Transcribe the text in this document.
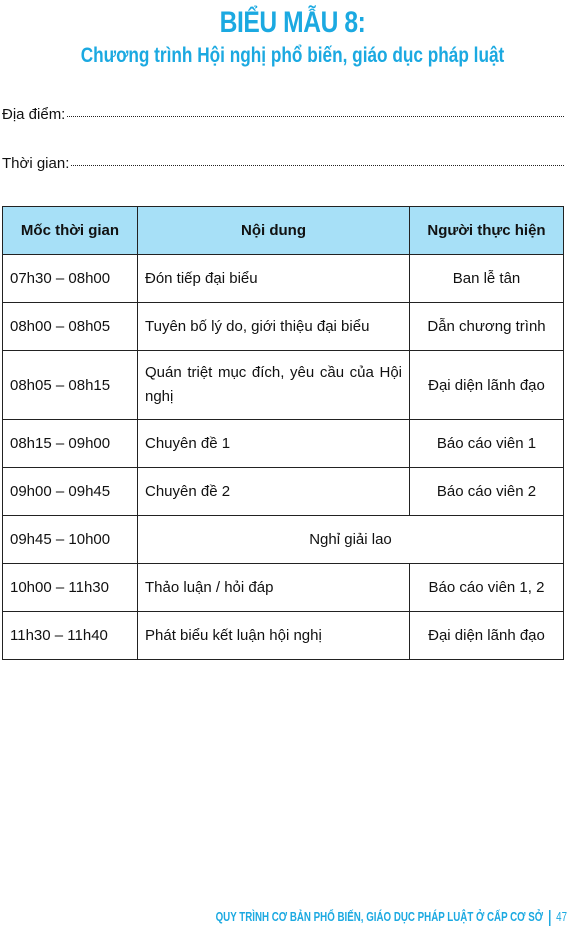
BIỂU MẪU 8:
Chương trình Hội nghị phổ biến, giáo dục pháp luật
Địa điểm:
Thời gian:
Mốc thời gian	Nội dung	Người thực hiện
07h30 – 08h00	Đón tiếp đại biểu	Ban lễ tân
08h00 – 08h05	Tuyên bố lý do, giới thiệu đại biểu	Dẫn chương trình
08h05 – 08h15	Quán triệt mục đích, yêu cầu của Hội nghị	Đại diện lãnh đạo
08h15 – 09h00	Chuyên đề 1	Báo cáo viên 1
09h00 – 09h45	Chuyên đề 2	Báo cáo viên 2
09h45 – 10h00	Nghỉ giải lao	
10h00 – 11h30	Thảo luận / hỏi đáp	Báo cáo viên 1, 2
11h30 – 11h40	Phát biểu kết luận hội nghị	Đại diện lãnh đạo
QUY TRÌNH CƠ BẢN PHỔ BIẾN, GIÁO DỤC PHÁP LUẬT Ở CẤP CƠ SỞ 47
